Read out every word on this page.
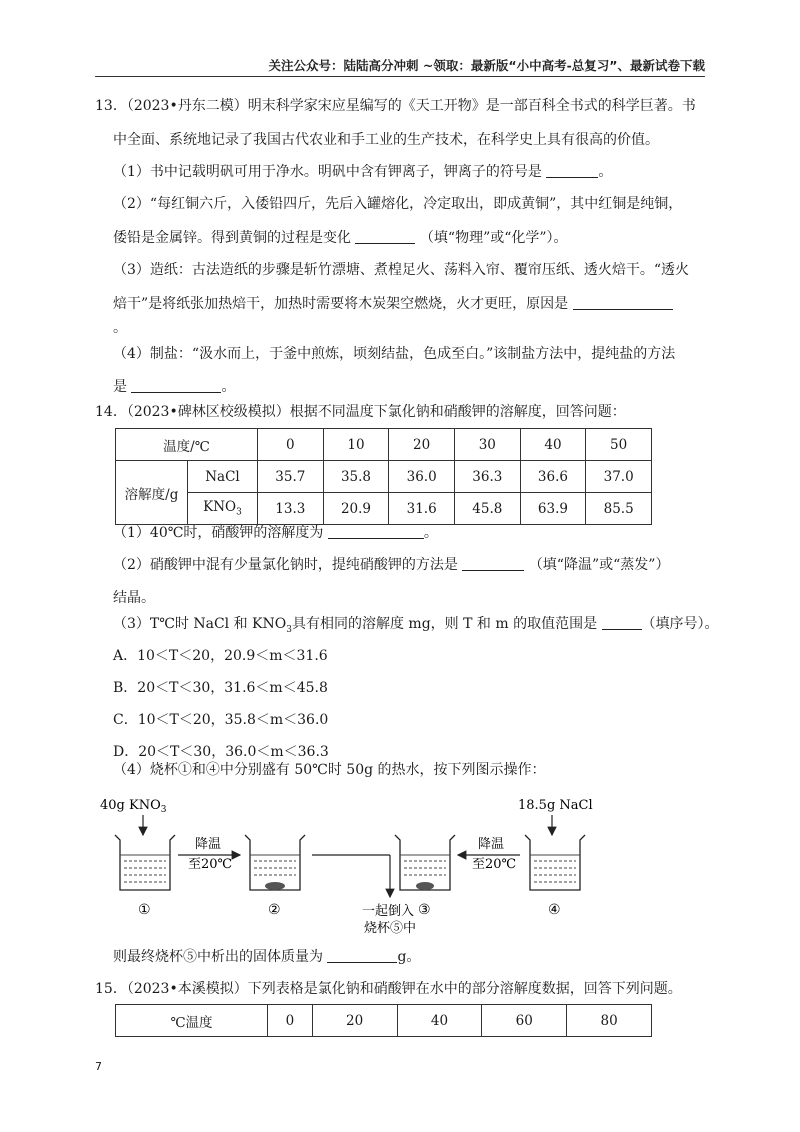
关注公众号：陆陆高分冲刺 ~领取：最新版“小中高考-总复习”、最新试卷下载
13．（2023•丹东二模）明末科学家宋应星编写的《天工开物》是一部百科全书式的科学巨著。书
中全面、系统地记录了我国古代农业和手工业的生产技术，在科学史上具有很高的价值。
（1）书中记载明矾可用于净水。明矾中含有钾离子，钾离子的符号是	。
（2）“每红铜六斤，入倭铅四斤，先后入罐熔化，冷定取出，即成黄铜”，其中红铜是纯铜，
倭铅是金属锌。得到黄铜的过程是变化	（填“物理”或“化学”）。
（3）造纸：古法造纸的步骤是斩竹漂塘、煮楻足火、荡料入帘、覆帘压纸、透火焙干。“透火
焙干”是将纸张加热焙干，加热时需要将木炭架空燃烧，火才更旺，原因是
。
（4）制盐：“汲水而上，于釜中煎炼，顷刻结盐，色成至白。”该制盐方法中，提纯盐的方法
是	。
14．（2023•碑林区校级模拟）根据不同温度下氯化钠和硝酸钾的溶解度，回答问题：
温度/℃		0	10	20	30	40	50
溶解度/g	NaCl	35.7	35.8	36.0	36.3	36.6	37.0
	$KNO_3$	13.3	20.9	31.6	45.8	63.9	85.5
（1）40℃时，硝酸钾的溶解度为	。
（2）硝酸钾中混有少量氯化钠时，提纯硝酸钾的方法是	（填“降温”或“蒸发”）
结晶。
（3）T℃时 NaCl 和 $KNO_3$具有相同的溶解度 mg，则 T 和 m 的取值范围是	（填序号）。
A．10＜T＜20，20.9＜m＜31.6
B．20＜T＜30，31.6＜m＜45.8
C．10＜T＜20，35.8＜m＜36.0
D．20＜T＜30，36.0＜m＜36.3
（4）烧杯①和④中分别盛有 50℃时 50g 的热水，按下列图示操作：
40g $KNO_3$	18.5g NaCl
①
降温
至20℃
②	一起倒入
烧杯⑤中
③
降温
至20℃
④
则最终烧杯⑤中析出的固体质量为	g。
15．（2023•本溪模拟）下列表格是氯化钠和硝酸钾在水中的部分溶解度数据，回答下列问题。
℃温度	0	20	40	60	80
7
